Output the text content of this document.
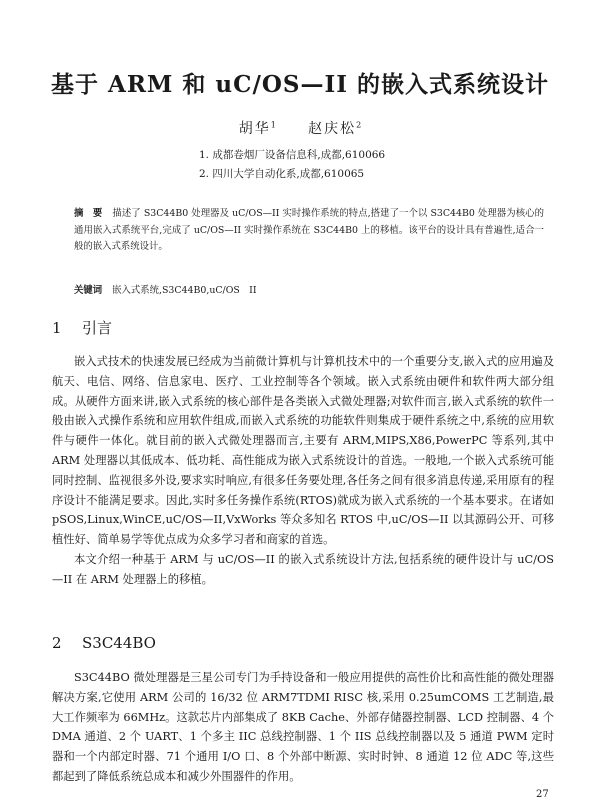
基于 ARM 和 uC/OS—II 的嵌入式系统设计
胡华$^1$ 赵庆松$^2$
1. 成都卷烟厂设备信息科,成都,610066
2. 四川大学自动化系,成都,610065
摘　要 描述了 S3C44B0 处理器及 uC/OS—II 实时操作系统的特点,搭建了一个以 S3C44B0 处理器为核心的通用嵌入式系统平台,完成了 uC/OS—II 实时操作系统在 S3C44B0 上的移植。该平台的设计具有普遍性,适合一般的嵌入式系统设计。
关键词 嵌入式系统,S3C44B0,uC/OS　II
1 引言

嵌入式技术的快速发展已经成为当前微计算机与计算机技术中的一个重要分支,嵌入式的应用遍及航天、电信、网络、信息家电、医疗、工业控制等各个领域。嵌入式系统由硬件和软件两大部分组成。从硬件方面来讲,嵌入式系统的核心部件是各类嵌入式微处理器;对软件而言,嵌入式系统的软件一般由嵌入式操作系统和应用软件组成,而嵌入式系统的功能软件则集成于硬件系统之中,系统的应用软件与硬件一体化。就目前的嵌入式微处理器而言,主要有 ARM,MIPS,X86,PowerPC 等系列,其中 ARM 处理器以其低成本、低功耗、高性能成为嵌入式系统设计的首选。一般地,一个嵌入式系统可能同时控制、监视很多外设,要求实时响应,有很多任务要处理,各任务之间有很多消息传递,采用原有的程序设计不能满足要求。因此,实时多任务操作系统(RTOS)就成为嵌入式系统的一个基本要求。在诸如 pSOS,Linux,WinCE,uC/OS—II,VxWorks 等众多知名 RTOS 中,uC/OS—II 以其源码公开、可移植性好、简单易学等优点成为众多学习者和商家的首选。

本文介绍一种基于 ARM 与 uC/OS—II 的嵌入式系统设计方法,包括系统的硬件设计与 uC/OS—II 在 ARM 处理器上的移植。

2 S3C44BO

S3C44BO 微处理器是三星公司专门为手持设备和一般应用提供的高性价比和高性能的微处理器解决方案,它使用 ARM 公司的 16/32 位 ARM7TDMI RISC 核,采用 0.25umCOMS 工艺制造,最大工作频率为 66MHz。这款芯片内部集成了 8KB Cache、外部存储器控制器、LCD 控制器、4 个 DMA 通道、2 个 UART、1 个多主 IIC 总线控制器、1 个 IIS 总线控制器以及 5 通道 PWM 定时器和一个内部定时器、71 个通用 I/O 口、8 个外部中断源、实时时钟、8 通道 12 位 ADC 等,这些都起到了降低系统总成本和减少外围器件的作用。

27
